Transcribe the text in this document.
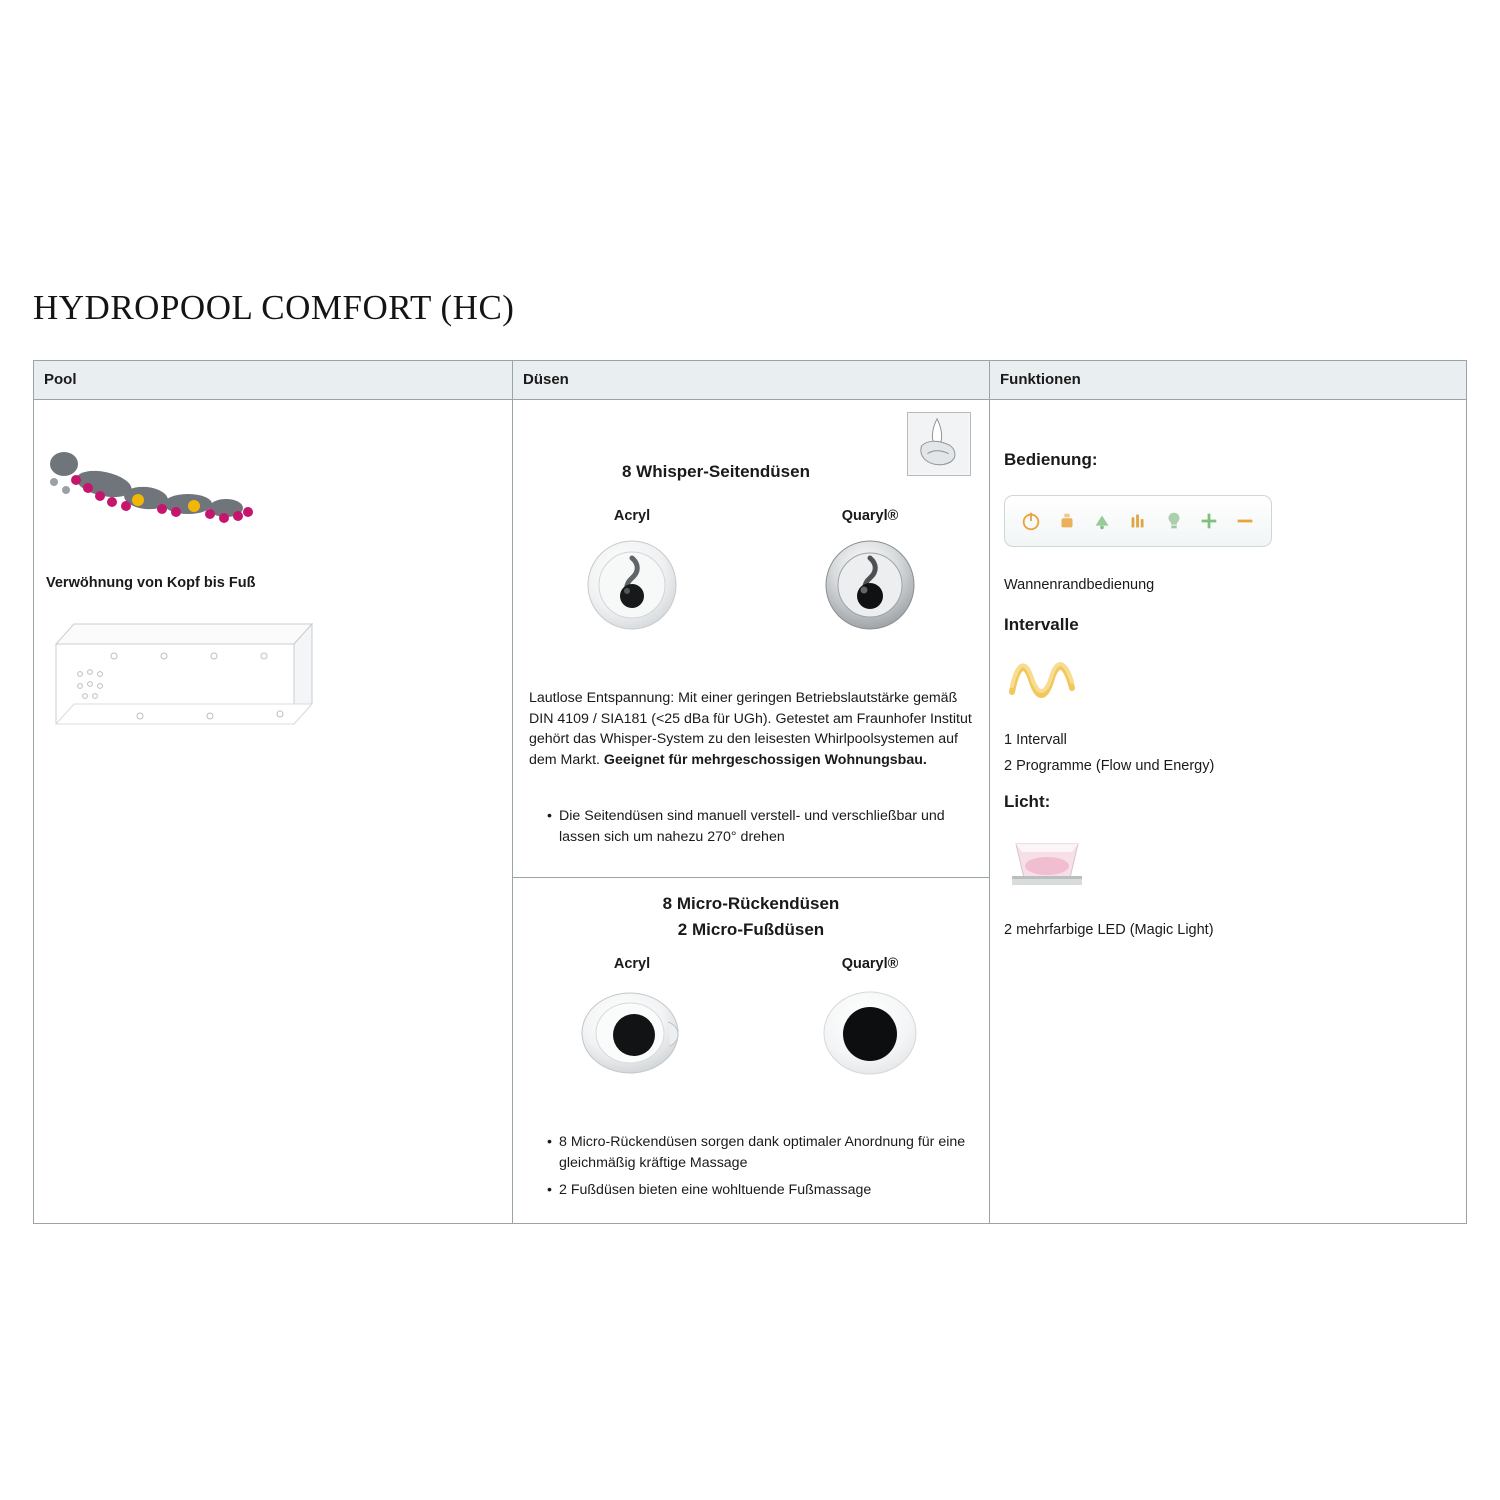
HYDROPOOL COMFORT (HC)
Pool	Düsen	Funktionen
Verwöhnung von Kopf bis Fuß
8 Whisper-Seitendüsen
Acryl	Quaryl®
Lautlose Entspannung: Mit einer geringen Betriebslautstärke gemäß DIN 4109 / SIA181 (<25 dBa für UGh). Getestet am Fraunhofer Institut gehört das Whisper-System zu den leisesten Whirlpoolsystemen auf dem Markt. Geeignet für mehrgeschossigen Wohnungsbau.
• Die Seitendüsen sind manuell verstell- und verschließbar und lassen sich um nahezu 270° drehen
8 Micro-Rückendüsen
2 Micro-Fußdüsen
Acryl	Quaryl®
• 8 Micro-Rückendüsen sorgen dank optimaler Anordnung für eine gleichmäßig kräftige Massage
• 2 Fußdüsen bieten eine wohltuende Fußmassage
Bedienung:
Wannenrandbedienung
Intervalle
1 Intervall
2 Programme (Flow und Energy)
Licht:
2 mehrfarbige LED (Magic Light)
